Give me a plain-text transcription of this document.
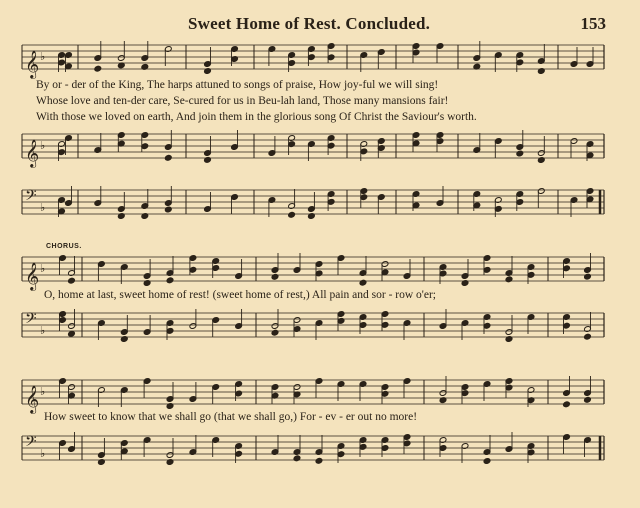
Sweet Home of Rest. Concluded.	153
𝄞 ♭
𝄞 ♭
𝄢 ♭
𝄞 ♭
𝄢 ♭
𝄞 ♭
𝄢 ♭
By or - der of the King, The harps attuned to songs of praise, How joy-ful we will sing!
Whose love and ten-der care, Se-cured for us in Beu-lah land, Those many mansions fair!
With those we loved on earth, And join them in the glorious song Of Christ the Saviour's worth.
CHORUS.
O, home at last, sweet home of rest! (sweet home of rest,) All pain and sor - row o'er;
How sweet to know that we shall go (that we shall go,) For - ev - er out no more!
